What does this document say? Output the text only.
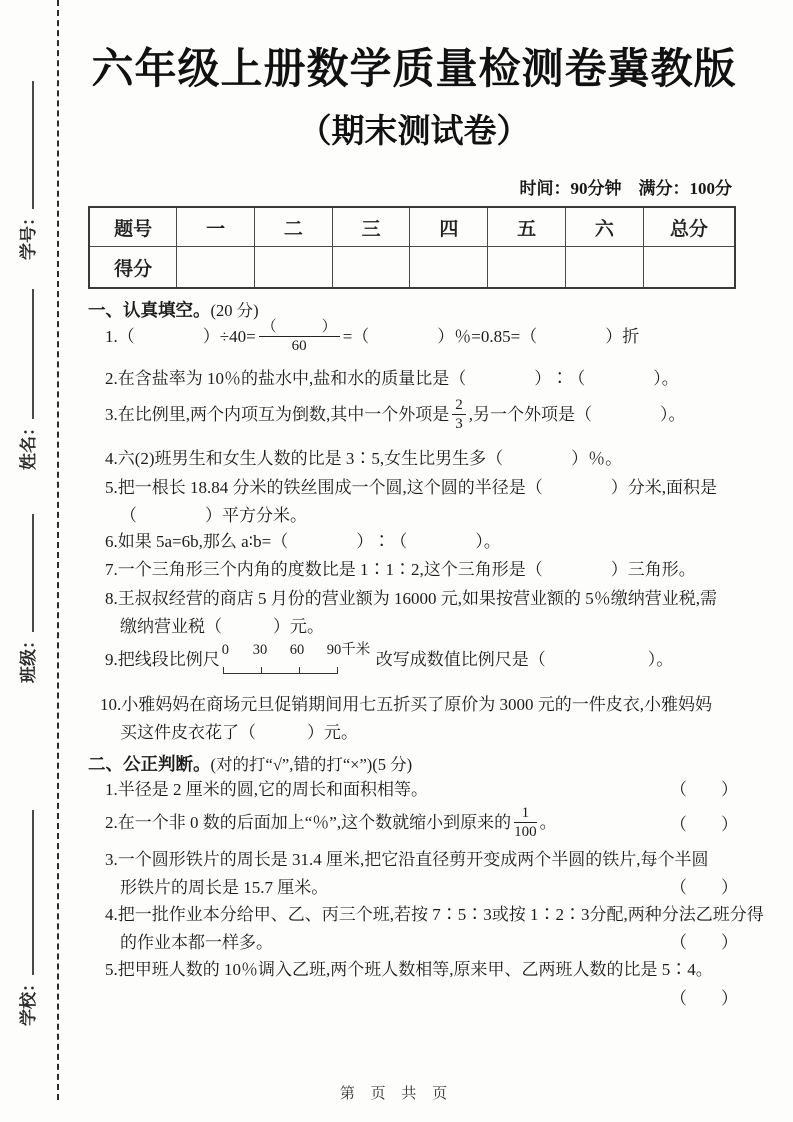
学号：
姓名：
班级：
学校：
六年级上册数学质量检测卷冀教版
（期末测试卷）
时间：90分钟　满分：100分
题号	一	二	三	四	五	六	总分
得分							
一、认真填空。(20 分)
1.（　　　　）$\div 40= \frac{( )}{60}$ =（　　　　）％=0.85=（　　　　）折
2.在含盐率为 10％的盐水中,盐和水的质量比是（　　　　）∶（　　　　）。
3.在比例里,两个内项互为倒数,其中一个外项是 $\frac{2}{3}$ ,另一个外项是（　　　　）。
4.六(2)班男生和女生人数的比是 3∶5,女生比男生多（　　　　）％。
5.把一根长 18.84 分米的铁丝围成一个圆,这个圆的半径是（　　　　）分米,面积是
（　　　　）平方分米。
6.如果 5a=6b,那么 a∶b=（　　　　）∶（　　　　）。
7.一个三角形三个内角的度数比是 1∶1∶2,这个三角形是（　　　　）三角形。
8.王叔叔经营的商店 5 月份的营业额为 16000 元,如果按营业额的 5％缴纳营业税,需
缴纳营业税（　　　）元。
9.把线段比例尺 0 30 60 90千米 改写成数值比例尺是（　　　　　　）。
10.小雅妈妈在商场元旦促销期间用七五折买了原价为 3000 元的一件皮衣,小雅妈妈
买这件皮衣花了（　　　）元。
二、公正判断。(对的打“√”,错的打“×”)(5 分)
1.半径是 2 厘米的圆,它的周长和面积相等。	（　　）
2.在一个非 0 数的后面加上“％”,这个数就缩小到原来的 $\frac{1}{100}$ 。	（　　）
3.一个圆形铁片的周长是 31.4 厘米,把它沿直径剪开变成两个半圆的铁片,每个半圆
形铁片的周长是 15.7 厘米。	（　　）
4.把一批作业本分给甲、乙、丙三个班,若按 7∶5∶3或按 1∶2∶3分配,两种分法乙班分得
的作业本都一样多。	（　　）
5.把甲班人数的 10％调入乙班,两个班人数相等,原来甲、乙两班人数的比是 5∶4。
（　　）
第 页 共 页
